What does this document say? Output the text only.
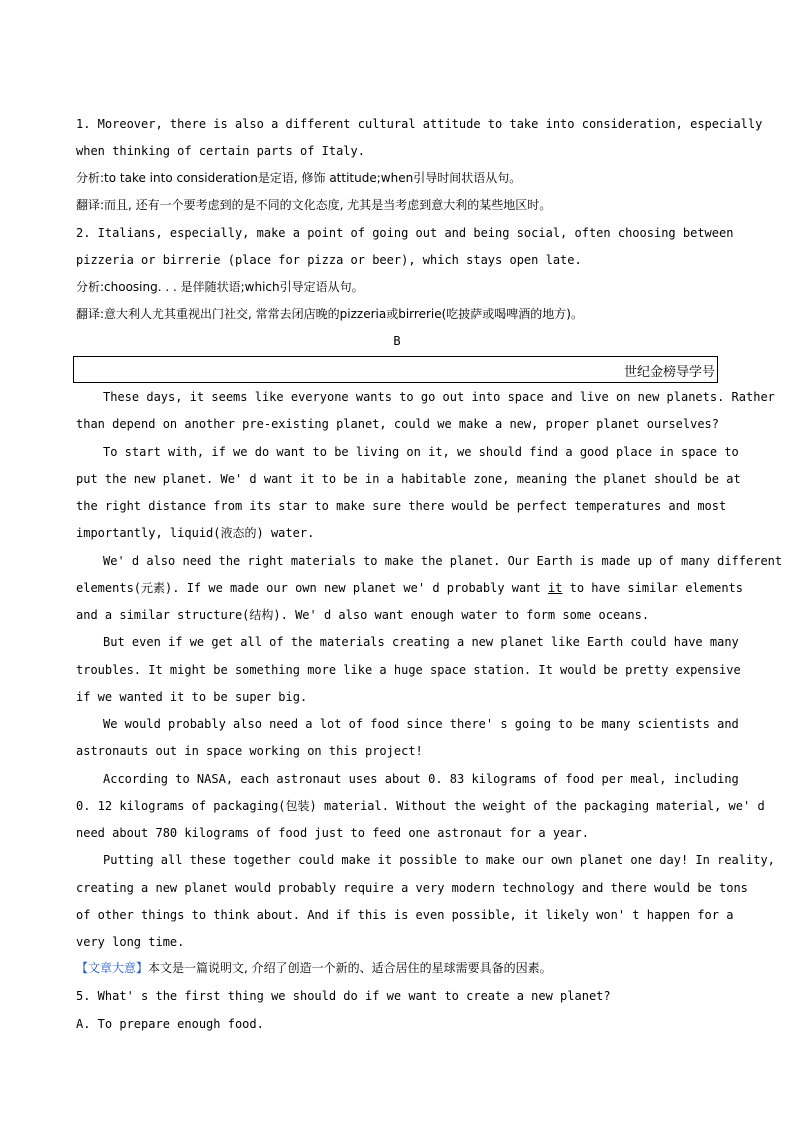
1. Moreover, there is also a different cultural attitude to take into consideration, especially
when thinking of certain parts of Italy.
分析:to take into consideration是定语, 修饰 attitude;when引导时间状语从句。
翻译:而且, 还有一个要考虑到的是不同的文化态度, 尤其是当考虑到意大利的某些地区时。
2. Italians, especially, make a point of going out and being social, often choosing between
pizzeria or birrerie (place for pizza or beer), which stays open late.
分析:choosing. . . 是伴随状语;which引导定语从句。
翻译:意大利人尤其重视出门社交, 常常去闭店晚的pizzeria或birrerie(吃披萨或喝啤酒的地方)。
B
世纪金榜导学号
These days, it seems like everyone wants to go out into space and live on new planets. Rather
than depend on another pre-existing planet, could we make a new, proper planet ourselves?
To start with, if we do want to be living on it, we should find a good place in space to
put the new planet. We' d want it to be in a habitable zone, meaning the planet should be at
the right distance from its star to make sure there would be perfect temperatures and most
importantly, liquid(液态的) water.
We' d also need the right materials to make the planet. Our Earth is made up of many different
elements(元素). If we made our own new planet we' d probably want it to have similar elements
and a similar structure(结构). We' d also want enough water to form some oceans.
But even if we get all of the materials creating a new planet like Earth could have many
troubles. It might be something more like a huge space station. It would be pretty expensive
if we wanted it to be super big.
We would probably also need a lot of food since there' s going to be many scientists and
astronauts out in space working on this project!
According to NASA, each astronaut uses about 0. 83 kilograms of food per meal, including
0. 12 kilograms of packaging(包装) material. Without the weight of the packaging material, we' d
need about 780 kilograms of food just to feed one astronaut for a year.
Putting all these together could make it possible to make our own planet one day! In reality,
creating a new planet would probably require a very modern technology and there would be tons
of other things to think about. And if this is even possible, it likely won' t happen for a
very long time.
【文章大意】本文是一篇说明文, 介绍了创造一个新的、适合居住的星球需要具备的因素。
5. What' s the first thing we should do if we want to create a new planet?
A. To prepare enough food.
